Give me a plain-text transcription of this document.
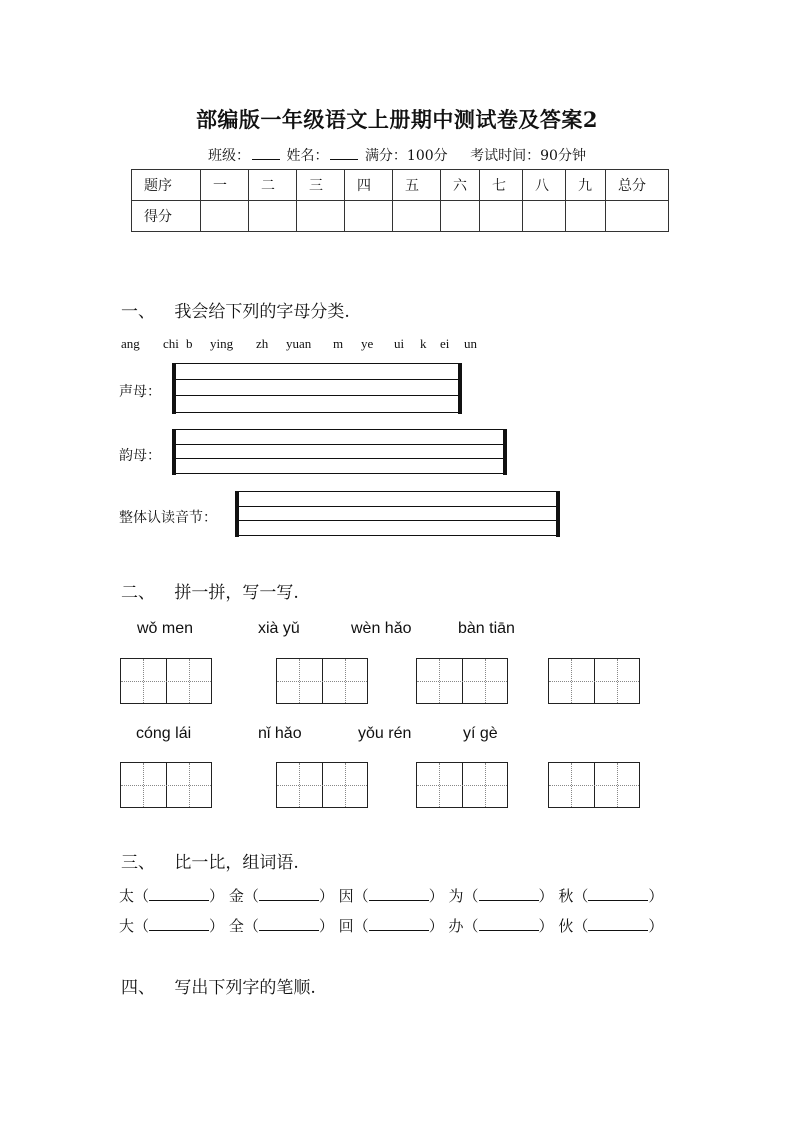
部编版一年级语文上册期中测试卷及答案2
班级：	姓名：	满分：100分 考试时间：90分钟
题序	一	二	三	四	五	六	七	八	九	总分
得分										
一、 我会给下列的字母分类.
ang chi b ying zh yuan m ye ui k ei un
声母：
韵母：
整体认读音节：
二、 拼一拼，写一写.
wǒ men	xià yǔ	wèn hǎo	bàn tiān
cóng lái	nǐ hǎo	yǒu rén	yí gè
三、 比一比，组词语.
太（	） 金（	） 因（	） 为（	） 秋（	）
大（	） 全（	） 回（	） 办（	） 伙（	）
四、 写出下列字的笔顺.
